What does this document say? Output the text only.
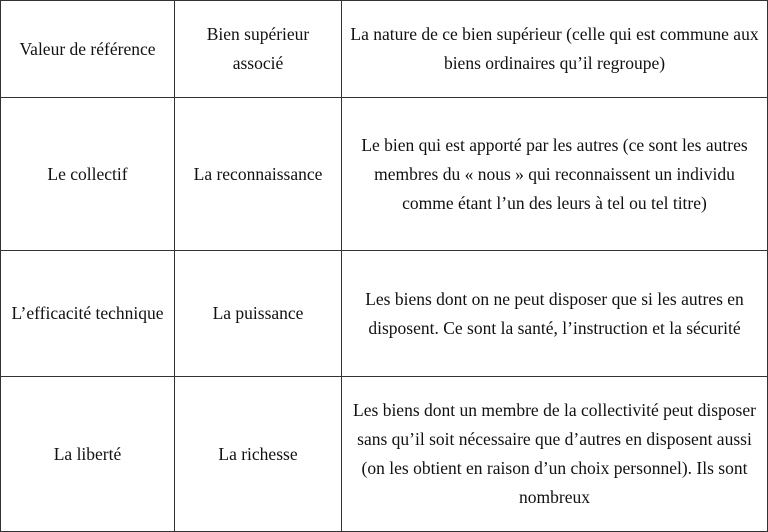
Valeur de référence	Bien supérieur associé	La nature de ce bien supérieur (celle qui est commune aux biens ordinaires qu’il regroupe)
Le collectif	La reconnaissance	Le bien qui est apporté par les autres (ce sont les autres membres du « nous » qui reconnaissent un individu comme étant l’un des leurs à tel ou tel titre)
L’efficacité technique	La puissance	Les biens dont on ne peut disposer que si les autres en disposent. Ce sont la santé, l’instruction et la sécurité
La liberté	La richesse	Les biens dont un membre de la collectivité peut disposer sans qu’il soit nécessaire que d’autres en disposent aussi (on les obtient en raison d’un choix personnel). Ils sont nombreux
